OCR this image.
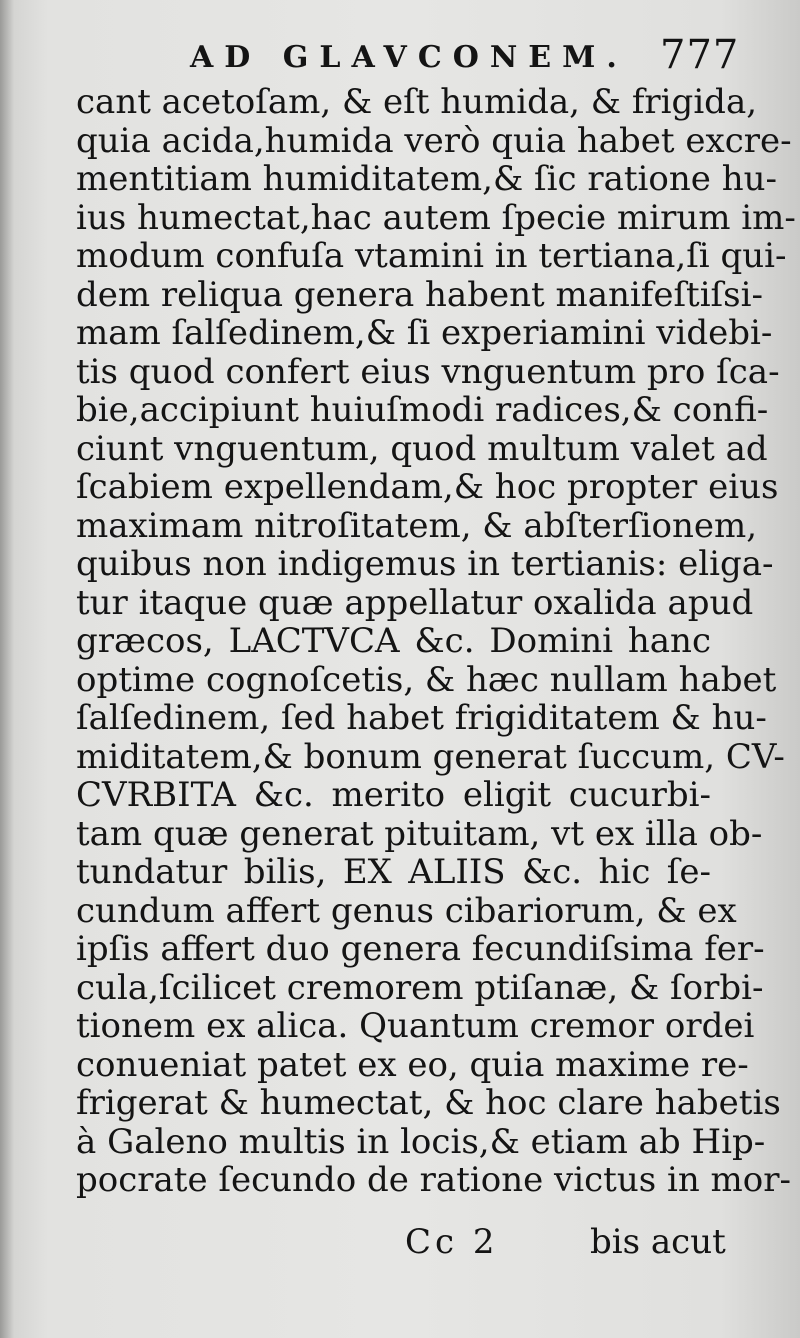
AD GLAVCONEM. 777
cant acetoſam, & eſt humida, & frigida,
quia acida,humida verò quia habet excre-
mentitiam humiditatem,& ſic ratione hu-
ius humectat,hac autem ſpecie mirum im-
modum confuſa vtamini in tertiana,ſi qui-
dem reliqua genera habent manifeſtiſsi-
mam ſalſedinem,& ſi experiamini videbi-
tis quod confert eius vnguentum pro ſca-
bie,accipiunt huiuſmodi radices,& confi-
ciunt vnguentum, quod multum valet ad
ſcabiem expellendam,& hoc propter eius
maximam nitroſitatem, & abſterſionem,
quibus non indigemus in tertianis: eliga-
tur itaque quæ appellatur oxalida apud
græcos, LACTVCA &c. Domini hanc
optime cognoſcetis, & hæc nullam habet
ſalſedinem, ſed habet frigiditatem & hu-
miditatem,& bonum generat ſuccum, CV-
CVRBITA &c. merito eligit cucurbi-
tam quæ generat pituitam, vt ex illa ob-
tundatur bilis, EX ALIIS &c. hic ſe-
cundum affert genus cibariorum, & ex
ipſis affert duo genera fecundiſsima fer-
cula,ſcilicet cremorem ptiſanæ, & ſorbi-
tionem ex alica. Quantum cremor ordei
conueniat patet ex eo, quia maxime re-
frigerat & humectat, & hoc clare habetis
à Galeno multis in locis,& etiam ab Hip-
pocrate ſecundo de ratione victus in mor-
Cc 2	bis acut
